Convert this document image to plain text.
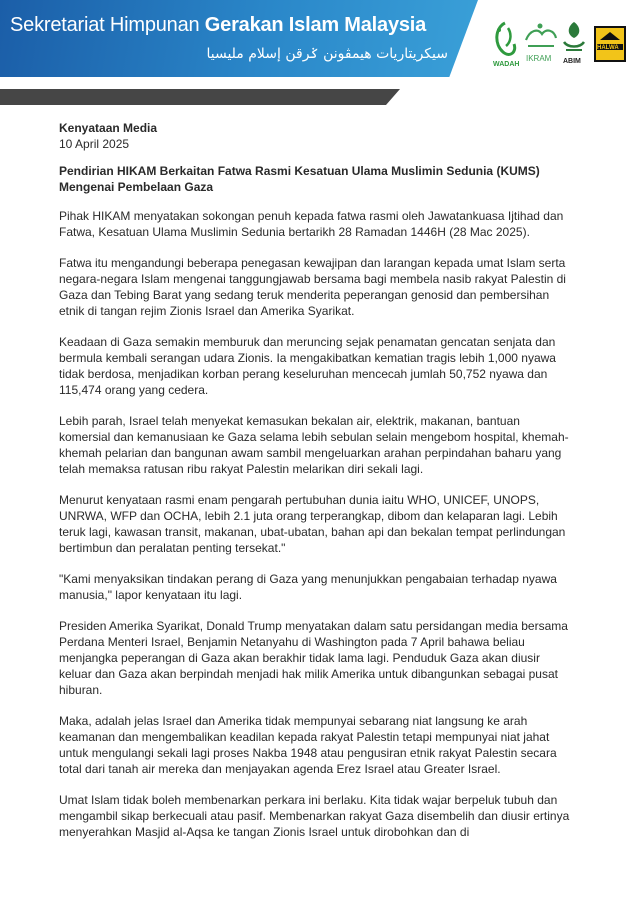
Sekretariat Himpunan Gerakan Islam Malaysia
سيكريتاريات هيمڤونن ݢرقن إسلام مليسيا
WADAH
IKRAM ABIM
HALWA
Kenyataan Media
10 April 2025
Pendirian HIKAM Berkaitan Fatwa Rasmi Kesatuan Ulama Muslimin Sedunia (KUMS) Mengenai Pembelaan Gaza
Pihak HIKAM menyatakan sokongan penuh kepada fatwa rasmi oleh Jawatankuasa Ijtihad dan Fatwa, Kesatuan Ulama Muslimin Sedunia bertarikh 28 Ramadan 1446H (28 Mac 2025).
Fatwa itu mengandungi beberapa penegasan kewajipan dan larangan kepada umat Islam serta negara-negara Islam mengenai tanggungjawab bersama bagi membela nasib rakyat Palestin di Gaza dan Tebing Barat yang sedang teruk menderita peperangan genosid dan pembersihan etnik di tangan rejim Zionis Israel dan Amerika Syarikat.
Keadaan di Gaza semakin memburuk dan meruncing sejak penamatan gencatan senjata dan bermula kembali serangan udara Zionis. Ia mengakibatkan kematian tragis lebih 1,000 nyawa tidak berdosa, menjadikan korban perang keseluruhan mencecah jumlah 50,752 nyawa dan 115,474 orang yang cedera.
Lebih parah, Israel telah menyekat kemasukan bekalan air, elektrik, makanan, bantuan komersial dan kemanusiaan ke Gaza selama lebih sebulan selain mengebom hospital, khemah-khemah pelarian dan bangunan awam sambil mengeluarkan arahan perpindahan baharu yang telah memaksa ratusan ribu rakyat Palestin melarikan diri sekali lagi.
Menurut kenyataan rasmi enam pengarah pertubuhan dunia iaitu WHO, UNICEF, UNOPS, UNRWA, WFP dan OCHA, lebih 2.1 juta orang terperangkap, dibom dan kelaparan lagi. Lebih teruk lagi, kawasan transit, makanan, ubat-ubatan, bahan api dan bekalan tempat perlindungan bertimbun dan peralatan penting tersekat."
"Kami menyaksikan tindakan perang di Gaza yang menunjukkan pengabaian terhadap nyawa manusia," lapor kenyataan itu lagi.
Presiden Amerika Syarikat, Donald Trump menyatakan dalam satu persidangan media bersama Perdana Menteri Israel, Benjamin Netanyahu di Washington pada 7 April bahawa beliau menjangka peperangan di Gaza akan berakhir tidak lama lagi. Penduduk Gaza akan diusir keluar dan Gaza akan berpindah menjadi hak milik Amerika untuk dibangunkan sebagai pusat hiburan.
Maka, adalah jelas Israel dan Amerika tidak mempunyai sebarang niat langsung ke arah keamanan dan mengembalikan keadilan kepada rakyat Palestin tetapi mempunyai niat jahat untuk mengulangi sekali lagi proses Nakba 1948 atau pengusiran etnik rakyat Palestin secara total dari tanah air mereka dan menjayakan agenda Erez Israel atau Greater Israel.
Umat Islam tidak boleh membenarkan perkara ini berlaku. Kita tidak wajar berpeluk tubuh dan mengambil sikap berkecuali atau pasif. Membenarkan rakyat Gaza disembelih dan diusir ertinya menyerahkan Masjid al-Aqsa ke tangan Zionis Israel untuk dirobohkan dan di
